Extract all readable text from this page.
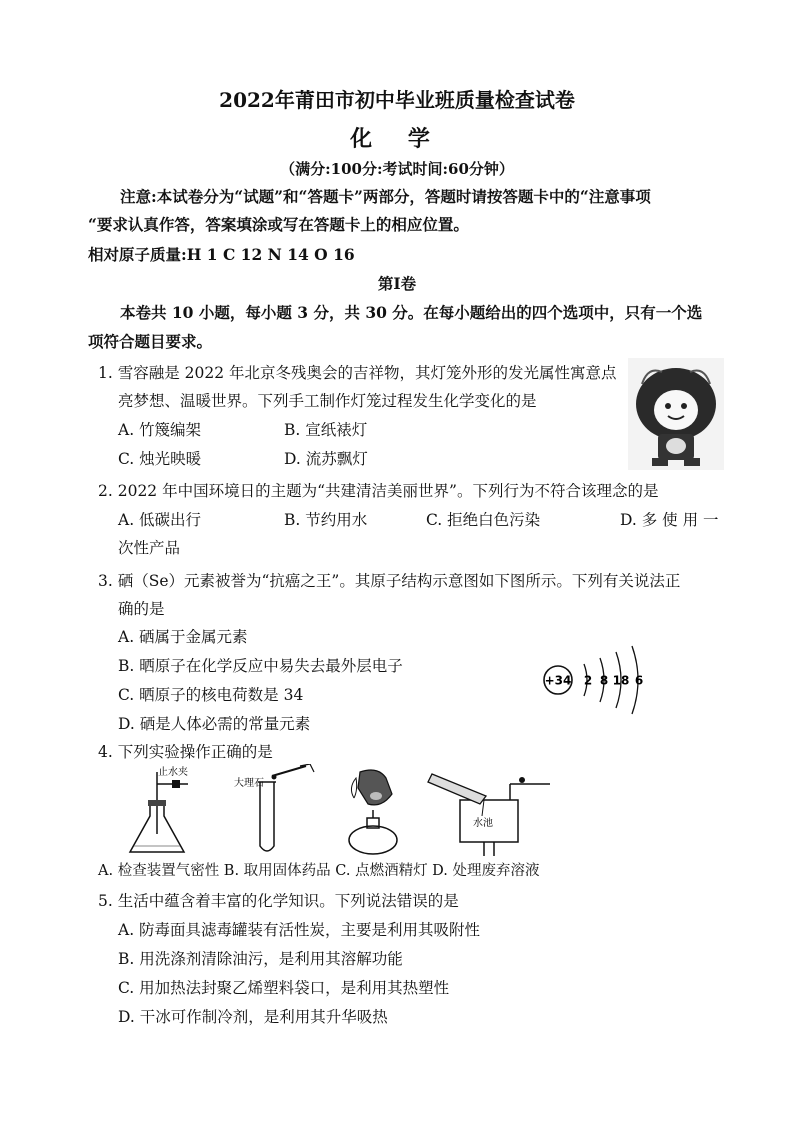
2022年莆田市初中毕业班质量检查试卷
化 学
（满分:100分:考试时间:60分钟）
注意:本试卷分为“试题”和“答题卡”两部分，答题时请按答题卡中的“注意事项
“要求认真作答，答案填涂或写在答题卡上的相应位置。
相对原子质量:H 1 C 12 N 14 O 16
第I卷
本卷共 10 小题，每小题 3 分，共 30 分。在每小题给出的四个选项中，只有一个选
项符合题目要求。
1. 雪容融是 2022 年北京冬残奥会的吉祥物，其灯笼外形的发光属性寓意点
亮梦想、温暖世界。下列手工制作灯笼过程发生化学变化的是
A. 竹篾编架	B. 宣纸裱灯
C. 烛光映暖	D. 流苏飘灯
2. 2022 年中国环境日的主题为“共建清洁美丽世界”。下列行为不符合该理念的是
A. 低碳出行	B. 节约用水	C. 拒绝白色污染	D. 多 使 用 一
次性产品
3. 硒（Se）元素被誉为“抗癌之王”。其原子结构示意图如下图所示。下列有关说法正
确的是
A. 硒属于金属元素
B. 晒原子在化学反应中易失去最外层电子
C. 晒原子的核电荷数是 34
D. 硒是人体必需的常量元素
+34 2 8 18 6
4. 下列实验操作正确的是
止水夹
大理石
水池
A. 检查装置气密性 B. 取用固体药品 C. 点燃酒精灯 D. 处理废弃溶液
5. 生活中蕴含着丰富的化学知识。下列说法错误的是
A. 防毒面具滤毒罐装有活性炭，主要是利用其吸附性
B. 用洗涤剂清除油污，是利用其溶解功能
C. 用加热法封聚乙烯塑料袋口，是利用其热塑性
D. 干冰可作制冷剂，是利用其升华吸热
